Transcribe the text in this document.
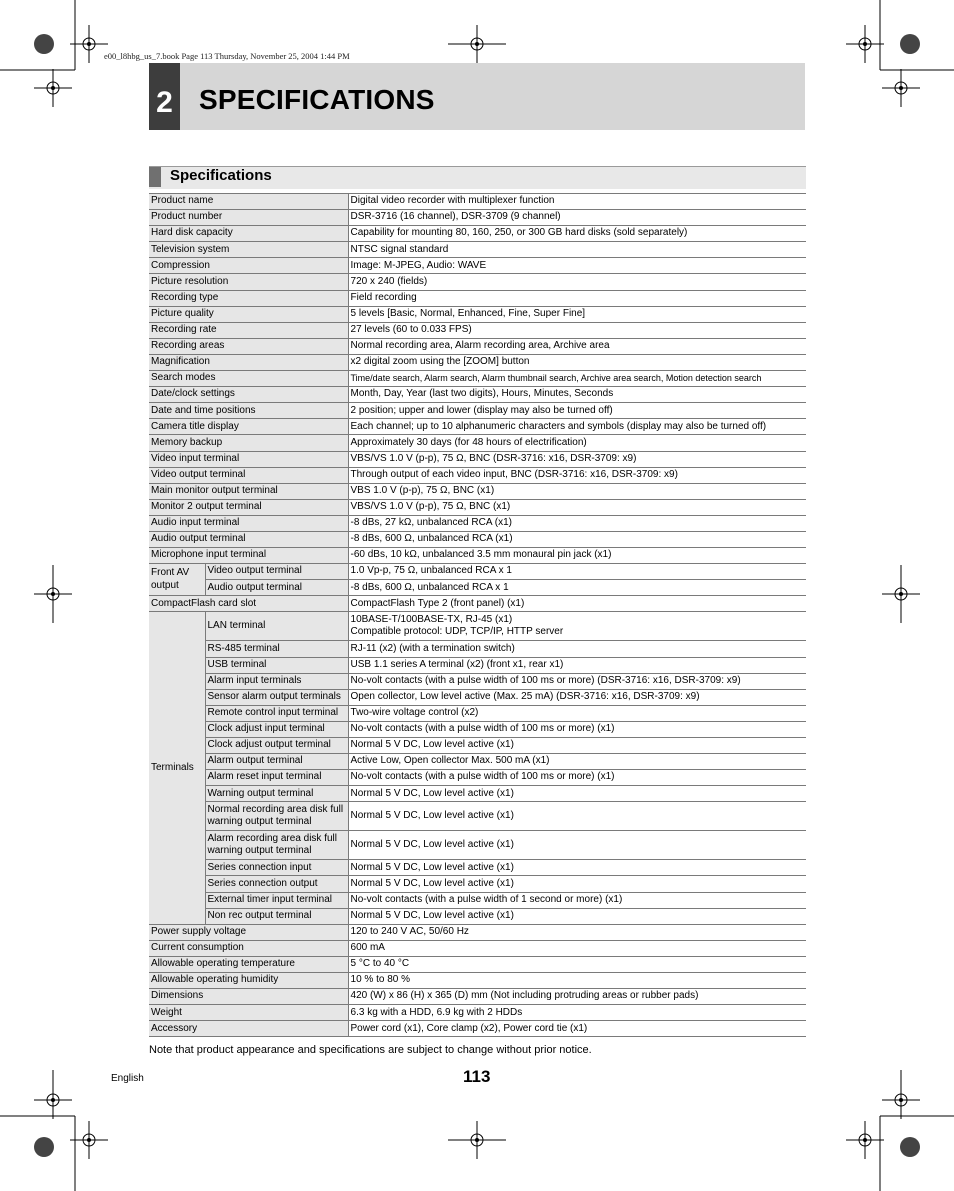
e00_l8hbg_us_7.book Page 113 Thursday, November 25, 2004 1:44 PM
2 SPECIFICATIONS
Specifications
Product name		Digital video recorder with multiplexer function
Product number		DSR-3716 (16 channel), DSR-3709 (9 channel)
Hard disk capacity		Capability for mounting 80, 160, 250, or 300 GB hard disks (sold separately)
Television system		NTSC signal standard
Compression		Image: M-JPEG, Audio: WAVE
Picture resolution		720 x 240 (fields)
Recording type		Field recording
Picture quality		5 levels [Basic, Normal, Enhanced, Fine, Super Fine]
Recording rate		27 levels (60 to 0.033 FPS)
Recording areas		Normal recording area, Alarm recording area, Archive area
Magnification		x2 digital zoom using the [ZOOM] button
Search modes		Time/date search, Alarm search, Alarm thumbnail search, Archive area search, Motion detection search
Date/clock settings		Month, Day, Year (last two digits), Hours, Minutes, Seconds
Date and time positions		2 position; upper and lower (display may also be turned off)
Camera title display		Each channel; up to 10 alphanumeric characters and symbols (display may also be turned off)
Memory backup		Approximately 30 days (for 48 hours of electrification)
Video input terminal		VBS/VS 1.0 V (p-p), 75 Ω, BNC (DSR-3716: x16, DSR-3709: x9)
Video output terminal		Through output of each video input, BNC (DSR-3716: x16, DSR-3709: x9)
Main monitor output terminal		VBS 1.0 V (p-p), 75 Ω, BNC (x1)
Monitor 2 output terminal		VBS/VS 1.0 V (p-p), 75 Ω, BNC (x1)
Audio input terminal		-8 dBs, 27 kΩ, unbalanced RCA (x1)
Audio output terminal		-8 dBs, 600 Ω, unbalanced RCA (x1)
Microphone input terminal		-60 dBs, 10 kΩ, unbalanced 3.5 mm monaural pin jack (x1)
Front AV output	Video output terminal	1.0 Vp-p, 75 Ω, unbalanced RCA x 1
	Audio output terminal	-8 dBs, 600 Ω, unbalanced RCA x 1
CompactFlash card slot		CompactFlash Type 2 (front panel) (x1)
Terminals	LAN terminal	10BASE-T/100BASE-TX, RJ-45 (x1)
Compatible protocol: UDP, TCP/IP, HTTP server

	RS-485 terminal	RJ-11 (x2) (with a termination switch)

	USB terminal	USB 1.1 series A terminal (x2) (front x1, rear x1)

	Alarm input terminals	No-volt contacts (with a pulse width of 100 ms or more) (DSR-3716: x16, DSR-3709: x9)

	Sensor alarm output terminals	Open collector, Low level active (Max. 25 mA) (DSR-3716: x16, DSR-3709: x9)

	Remote control input terminal	Two-wire voltage control (x2)

	Clock adjust input terminal	No-volt contacts (with a pulse width of 100 ms or more) (x1)

	Clock adjust output terminal	Normal 5 V DC, Low level active (x1)

	Alarm output terminal	Active Low, Open collector Max. 500 mA (x1)

	Alarm reset input terminal	No-volt contacts (with a pulse width of 100 ms or more) (x1)

	Warning output terminal	Normal 5 V DC, Low level active (x1)

	Normal recording area disk full warning output terminal	Normal 5 V DC, Low level active (x1)

	Alarm recording area disk full warning output terminal	Normal 5 V DC, Low level active (x1)

	Series connection input	Normal 5 V DC, Low level active (x1)

	Series connection output	Normal 5 V DC, Low level active (x1)

	External timer input terminal	No-volt contacts (with a pulse width of 1 second or more) (x1)

	Non rec output terminal	Normal 5 V DC, Low level active (x1)

Power supply voltage		120 to 240 V AC, 50/60 Hz
Current consumption		600 mA
Allowable operating temperature		5 °C to 40 °C
Allowable operating humidity		10 % to 80 %
Dimensions		420 (W) x 86 (H) x 365 (D) mm (Not including protruding areas or rubber pads)
Weight		6.3 kg with a HDD, 6.9 kg with 2 HDDs
Accessory		Power cord (x1), Core clamp (x2), Power cord tie (x1)
Note that product appearance and specifications are subject to change without prior notice.
113
English
